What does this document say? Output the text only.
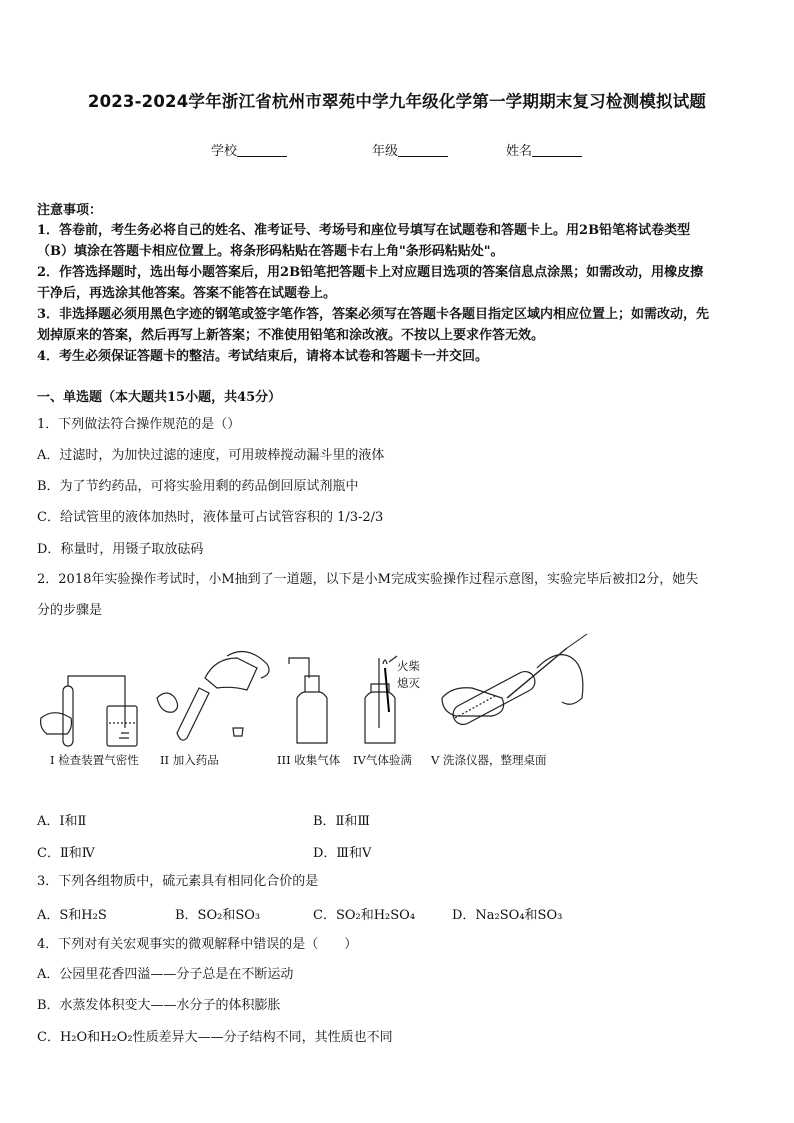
2023-2024学年浙江省杭州市翠苑中学九年级化学第一学期期末复习检测模拟试题
学校	年级	姓名
注意事项：
1．答卷前，考生务必将自己的姓名、准考证号、考场号和座位号填写在试题卷和答题卡上。用2B铅笔将试卷类型
（B）填涂在答题卡相应位置上。将条形码粘贴在答题卡右上角"条形码粘贴处"。
2．作答选择题时，选出每小题答案后，用2B铅笔把答题卡上对应题目选项的答案信息点涂黑；如需改动，用橡皮擦
干净后，再选涂其他答案。答案不能答在试题卷上。
3．非选择题必须用黑色字迹的钢笔或签字笔作答，答案必须写在答题卡各题目指定区域内相应位置上；如需改动，先
划掉原来的答案，然后再写上新答案；不准使用铅笔和涂改液。不按以上要求作答无效。
4．考生必须保证答题卡的整洁。考试结束后，请将本试卷和答题卡一并交回。
一、单选题（本大题共15小题，共45分）
1．下列做法符合操作规范的是（）
A．过滤时，为加快过滤的速度，可用玻棒搅动漏斗里的液体
B．为了节约药品，可将实验用剩的药品倒回原试剂瓶中
C．给试管里的液体加热时，液体量可占试管容积的 1/3-2/3
D．称量时，用镊子取放砝码
2．2018年实验操作考试时，小M抽到了一道题，以下是小M完成实验操作过程示意图，实验完毕后被扣2分，她失
分的步骤是
火柴
熄灭
I 检查装置气密性 II 加入药品	III 收集气体 IV气体验满 V 洗涤仪器，整理桌面
A．Ⅰ和Ⅱ	B．Ⅱ和Ⅲ
C．Ⅱ和Ⅳ	D．Ⅲ和Ⅴ
3．下列各组物质中，硫元素具有相同化合价的是
A．S和H₂S	B．SO₂和SO₃	C．SO₂和H₂SO₄	D．Na₂SO₄和SO₃
4．下列对有关宏观事实的微观解释中错误的是（　　）
A．公园里花香四溢——分子总是在不断运动
B．水蒸发体积变大——水分子的体积膨胀
C．H₂O和H₂O₂性质差异大——分子结构不同，其性质也不同
